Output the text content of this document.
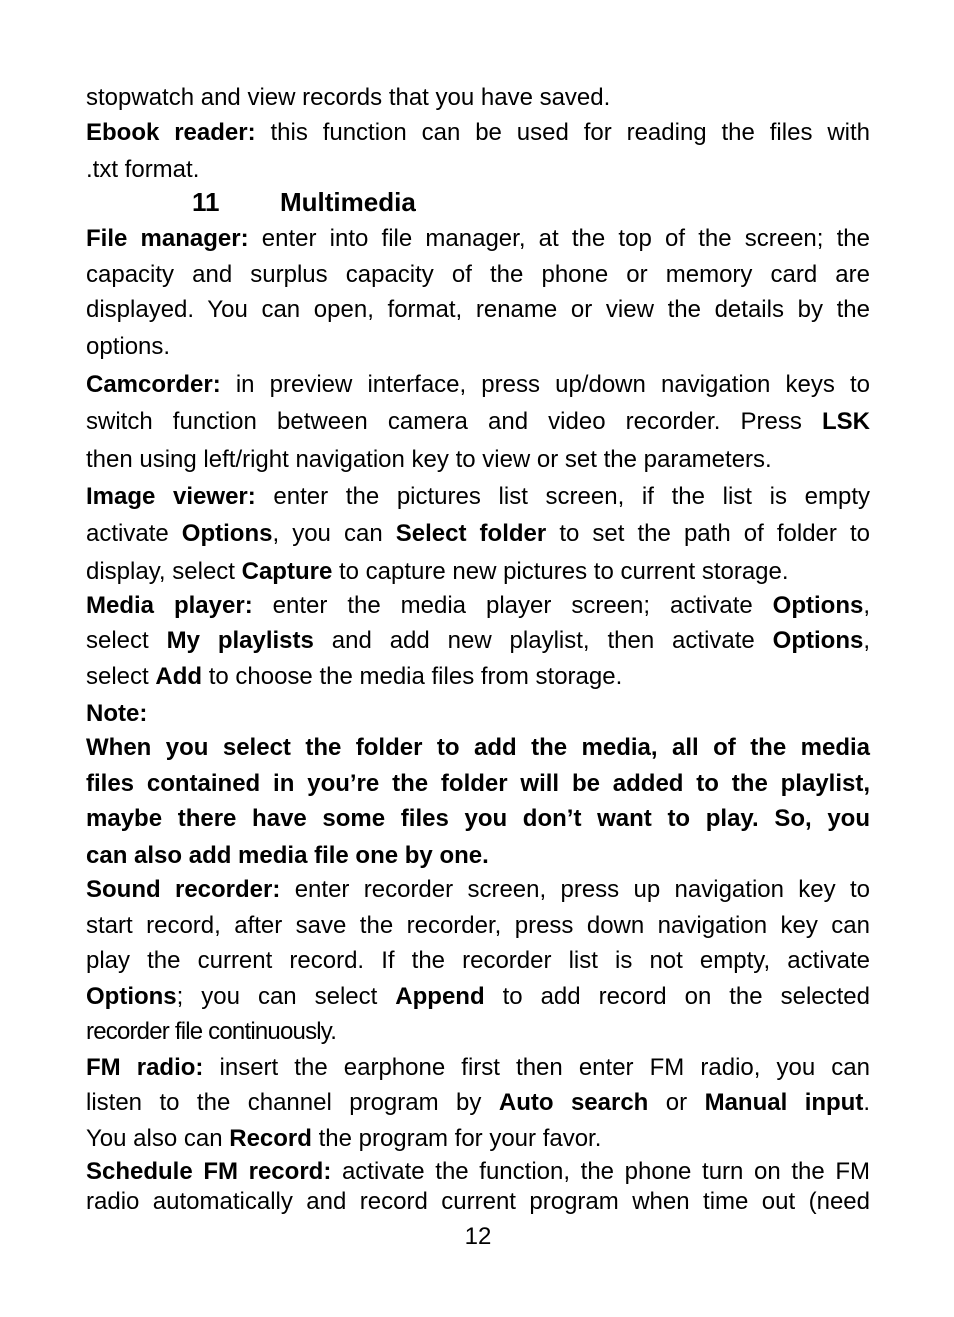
11 Multimedia
stopwatch and view records that you have saved.
Ebook reader: this function can be used for reading the files with
.txt format.
File manager: enter into file manager, at the top of the screen; the
capacity and surplus capacity of the phone or memory card are
displayed. You can open, format, rename or view the details by the
options.
Camcorder: in preview interface, press up/down navigation keys to
switch function between camera and video recorder. Press LSK
then using left/right navigation key to view or set the parameters.
Image viewer: enter the pictures list screen, if the list is empty
activate Options, you can Select folder to set the path of folder to
display, select Capture to capture new pictures to current storage.
Media player: enter the media player screen; activate Options,
select My playlists and add new playlist, then activate Options,
select Add to choose the media files from storage.
Note:
When you select the folder to add the media, all of the media
files contained in you’re the folder will be added to the playlist,
maybe there have some files you don’t want to play. So, you
can also add media file one by one.
Sound recorder: enter recorder screen, press up navigation key to
start record, after save the recorder, press down navigation key can
play the current record. If the recorder list is not empty, activate
Options; you can select Append to add record on the selected
recorder file continuously.
FM radio: insert the earphone first then enter FM radio, you can
listen to the channel program by Auto search or Manual input.
You also can Record the program for your favor.
Schedule FM record: activate the function, the phone turn on the FM
radio automatically and record current program when time out (need
12
